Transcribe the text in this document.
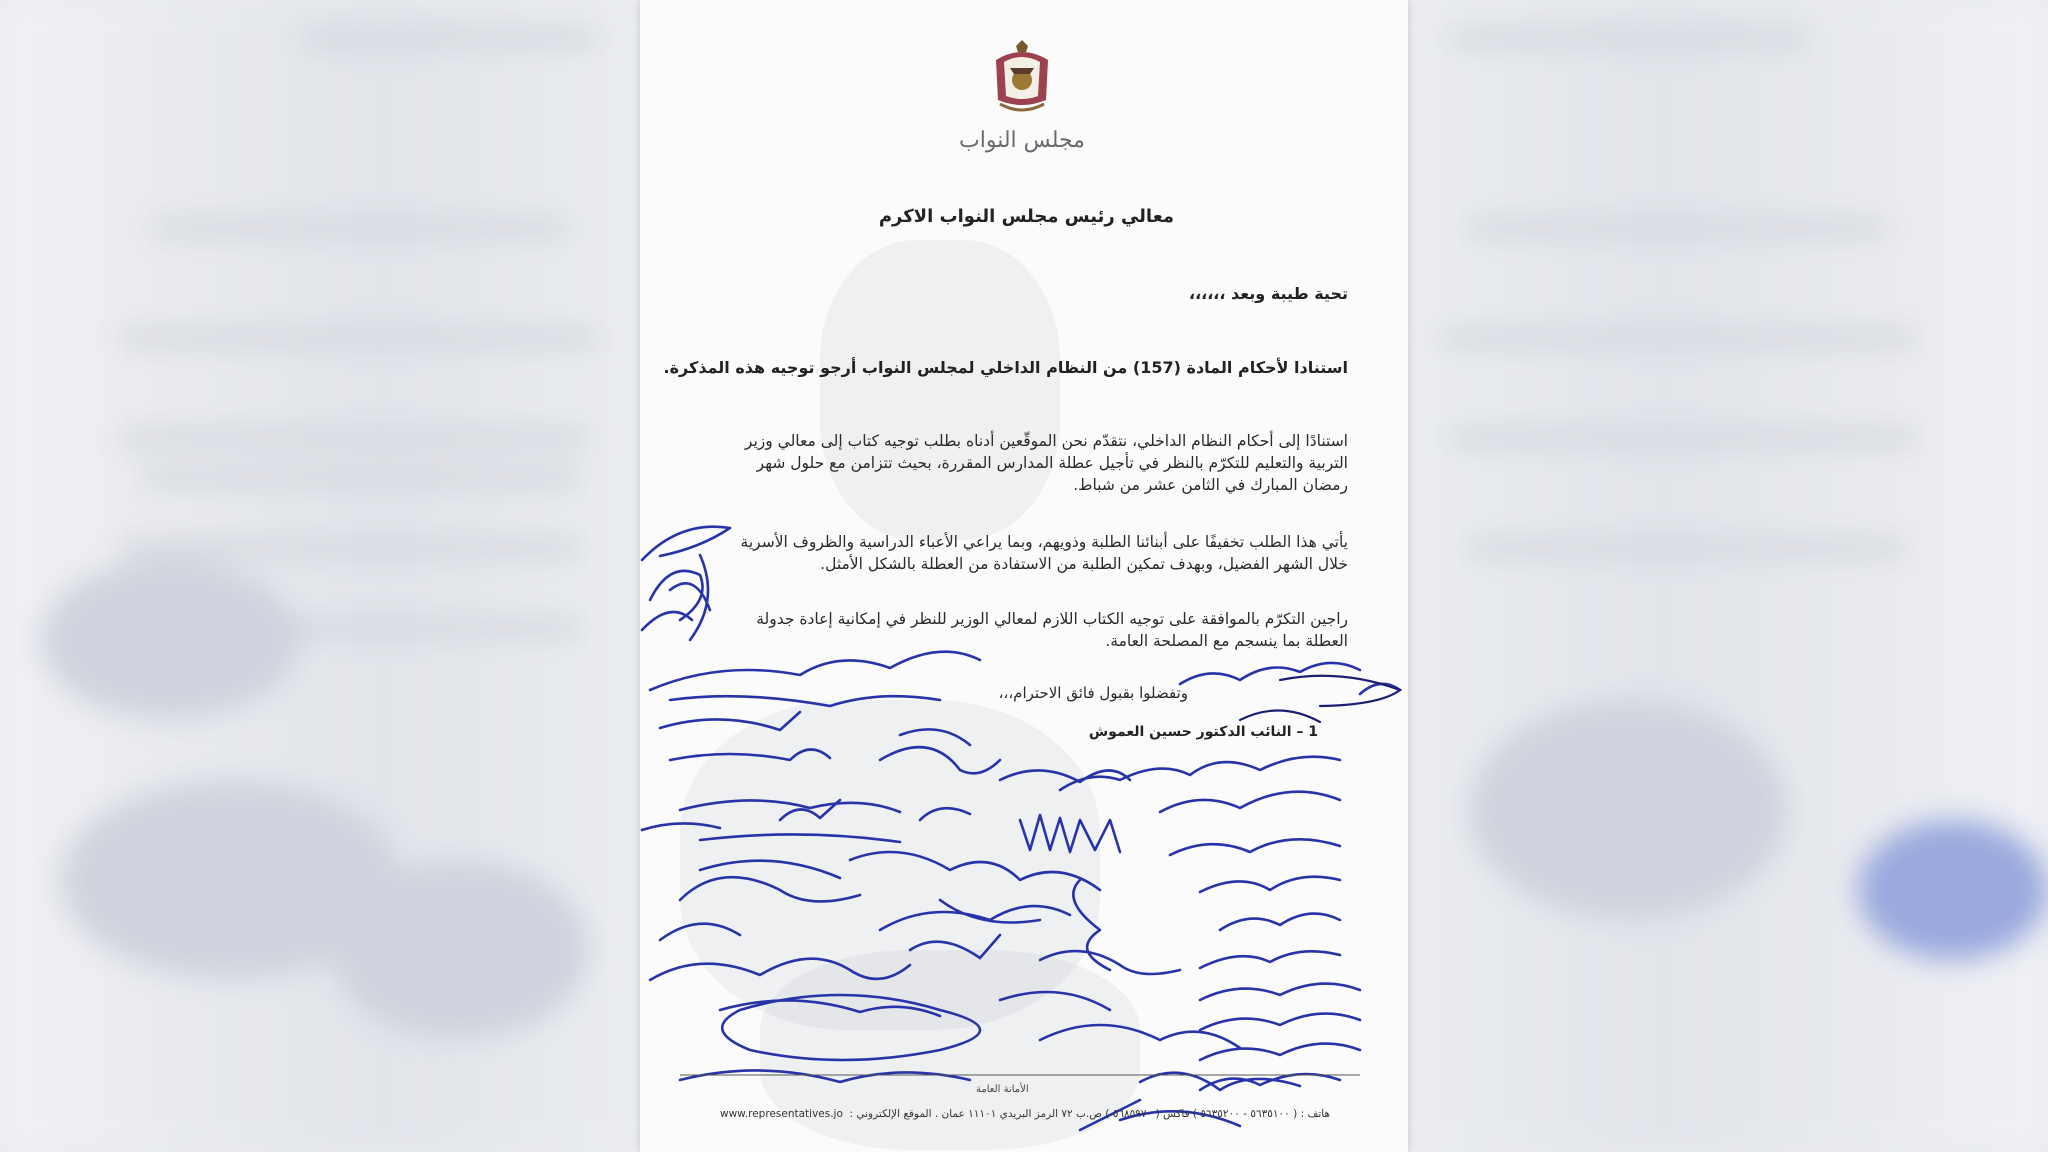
مجلس النواب
معالي رئيس مجلس النواب الاكرم
تحية طيبة وبعد ،،،،،،
استنادا لأحكام المادة (157) من النظام الداخلي لمجلس النواب أرجو توجيه هذه المذكرة.
استنادًا إلى أحكام النظام الداخلي، نتقدّم نحن الموقّعين أدناه بطلب توجيه كتاب إلى معالي وزير التربية والتعليم للتكرّم بالنظر في تأجيل عطلة المدارس المقررة، بحيث تتزامن مع حلول شهر رمضان المبارك في الثامن عشر من شباط.
يأتي هذا الطلب تخفيفًا على أبنائنا الطلبة وذويهم، وبما يراعي الأعباء الدراسية والظروف الأسرية خلال الشهر الفضيل، وبهدف تمكين الطلبة من الاستفادة من العطلة بالشكل الأمثل.
راجين التكرّم بالموافقة على توجيه الكتاب اللازم لمعالي الوزير للنظر في إمكانية إعادة جدولة العطلة بما ينسجم مع المصلحة العامة.
وتفضلوا بقبول فائق الاحترام،،،
1 – النائب الدكتور حسين العموش
الأمانة العامة
هاتف : ( ٥٦٣٥١٠٠ - ٥٦٣٥٢٠٠ ) فاكس ( ٥٦٨٥٩٧٠ ) ص.ب ٧٢ الرمز البريدي ١١١٠١ عمان . الموقع الإلكتروني :
www.representatives.jo
